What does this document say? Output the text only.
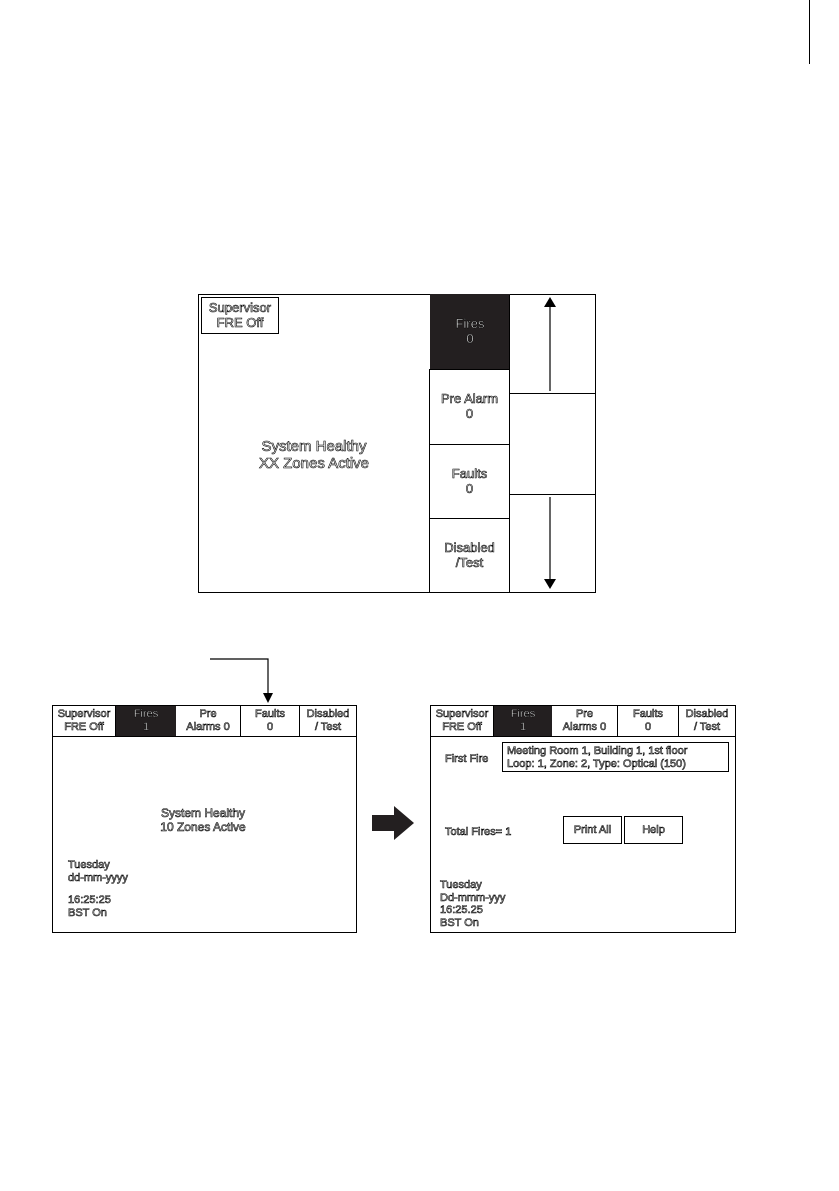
Supervisor
FRE Off
System Healthy
XX Zones Active
Fires
0
Pre Alarm
0
Faults
0
Disabled
/Test
Supervisor
FRE Off
Fires
1
Pre
Alarms 0
Faults
0
Disabled
/ Test
System Healthy
10 Zones Active
Tuesday
dd-mm-yyyy
16:25:25
BST On
Supervisor
FRE Off
Fires
1
Pre
Alarms 0
Faults
0
Disabled
/ Test
First Fire
Meeting Room 1, Building 1, 1st floor
Loop: 1, Zone: 2, Type: Optical (150)
Total Fires= 1	Print All	Help
Tuesday
Dd-mmm-yyy
16:25.25
BST On
